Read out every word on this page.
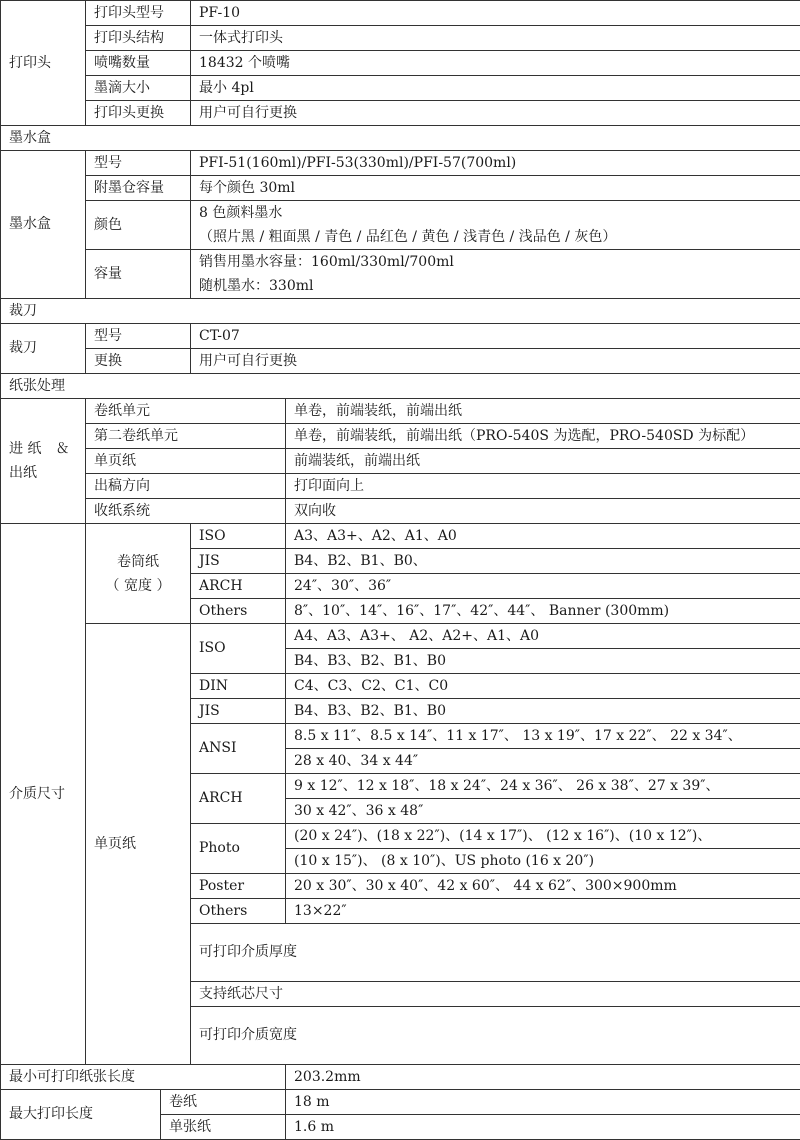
打印头	打印头型号		PF-10		
	打印头结构		一体式打印头		
	喷嘴数量		18432 个喷嘴		
	墨滴大小		最小 4pl		
	打印头更换		用户可自行更换		
墨水盒					
墨水盒	型号		PFI-51(160ml)/PFI-53(330ml)/PFI-57(700ml)		
	附墨仓容量		每个颜色 30ml		
	颜色		8 色颜料墨水
（照片黑 / 粗面黑 / 青色 / 品红色 / 黄色 / 浅青色 / 浅品色 / 灰色）		

	容量		销售用墨水容量：160ml/330ml/700ml
随机墨水：330ml		

裁刀					
裁刀	型号		CT-07		
	更换		用户可自行更换		
纸张处理					

进 纸　＆
出纸	卷纸单元			单卷，前端装纸，前端出纸	
	第二卷纸单元			单卷，前端装纸，前端出纸（PRO-540S 为选配，PRO-540SD 为标配）	
	单页纸			前端装纸，前端出纸	
	出稿方向			打印面向上	
	收纸系统			双向收	
介质尺寸	卷筒纸
（ 宽度 ）		ISO	A3、A3+、A2、A1、A0	
			JIS	B4、B2、B1、B0、	
			ARCH	24″、30″、36″	
			Others	8″、10″、14″、16″、17″、42″、44″、 Banner (300mm)	
	单页纸		ISO	A4、A3、A3+、 A2、A2+、A1、A0	
				B4、B3、B2、B1、B0	
			DIN	C4、C3、C2、C1、C0	
			JIS	B4、B3、B2、B1、B0	
			ANSI	8.5 x 11″、8.5 x 14″、11 x 17″、 13 x 19″、17 x 22″、 22 x 34″、	
				28 x 40、34 x 44″	
			ARCH	9 x 12″、12 x 18″、18 x 24″、24 x 36″、 26 x 38″、27 x 39″、	
				30 x 42″、36 x 48″	
			Photo	(20 x 24″)、(18 x 22″)、(14 x 17″)、 (12 x 16″)、(10 x 12″)、	
				(10 x 15″)、 (8 x 10″)、US photo (16 x 20″)	
			Poster	20 x 30″、30 x 40″、42 x 60″、 44 x 62″、300×900mm	
			Others	13×22″	
			可打印介质厚度	
			支持纸芯尺寸	
			可打印介质宽度		
最小可打印纸张长度				203.2mm	
最大打印长度		卷纸		18 m	
		单张纸		1.6 m	
